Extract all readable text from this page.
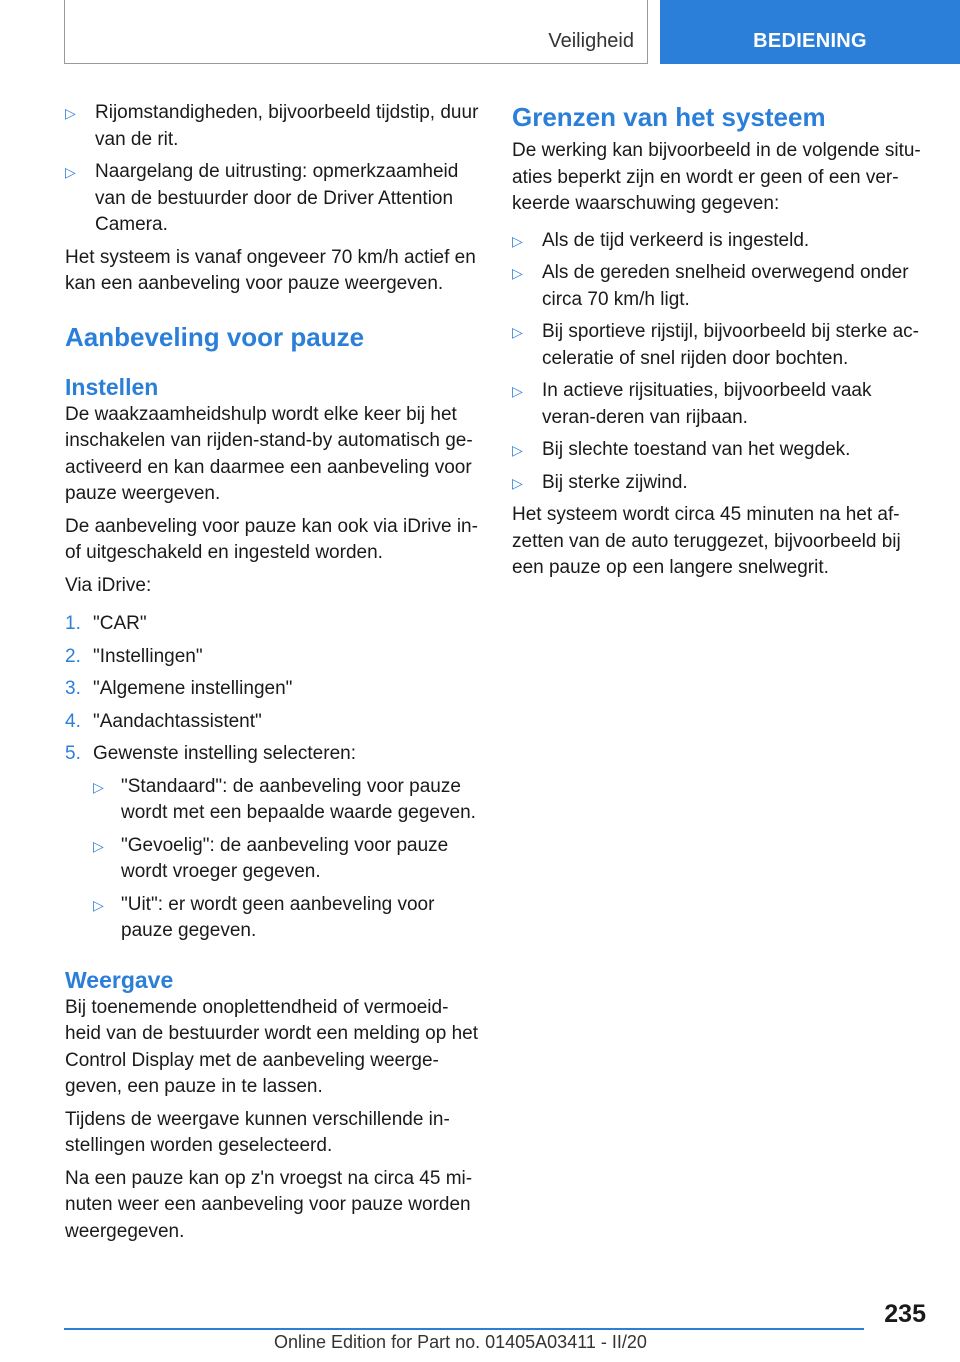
Veiligheid	BEDIENING
▷ Rijomstandigheden, bijvoorbeeld tijdstip, duur van de rit.
▷ Naargelang de uitrusting: opmerkzaamheid van de bestuurder door de Driver Attention Camera.

Het systeem is vanaf ongeveer 70 km/h actief en kan een aanbeveling voor pauze weergeven.

Aanbeveling voor pauze
Instellen

De waakzaamheidshulp wordt elke keer bij het inschakelen van rijden-stand-by automatisch ge-activeerd en kan daarmee een aanbeveling voor pauze weergeven.

De aanbeveling voor pauze kan ook via iDrive in- of uitgeschakeld en ingesteld worden.

Via iDrive:

1. "CAR"
2. "Instellingen"
3. "Algemene instellingen"
4. "Aandachtassistent"
5. Gewenste instelling selecteren:
▷ "Standaard": de aanbeveling voor pauze wordt met een bepaalde waarde gegeven.
▷ "Gevoelig": de aanbeveling voor pauze wordt vroeger gegeven.
▷ "Uit": er wordt geen aanbeveling voor pauze gegeven.
Weergave

Bij toenemende onoplettendheid of vermoeid-heid van de bestuurder wordt een melding op het Control Display met de aanbeveling weerge-geven, een pauze in te lassen.

Tijdens de weergave kunnen verschillende in-stellingen worden geselecteerd.

Na een pauze kan op z'n vroegst na circa 45 mi-nuten weer een aanbeveling voor pauze worden weergegeven.

Grenzen van het systeem

De werking kan bijvoorbeeld in de volgende situ-aties beperkt zijn en wordt er geen of een ver-keerde waarschuwing gegeven:

▷ Als de tijd verkeerd is ingesteld.
▷ Als de gereden snelheid overwegend onder circa 70 km/h ligt.
▷ Bij sportieve rijstijl, bijvoorbeeld bij sterke ac-celeratie of snel rijden door bochten.
▷ In actieve rijsituaties, bijvoorbeeld vaak veran-deren van rijbaan.
▷ Bij slechte toestand van het wegdek.
▷ Bij sterke zijwind.

Het systeem wordt circa 45 minuten na het af-zetten van de auto teruggezet, bijvoorbeeld bij een pauze op een langere snelwegrit.

235
Online Edition for Part no. 01405A03411 - II/20
